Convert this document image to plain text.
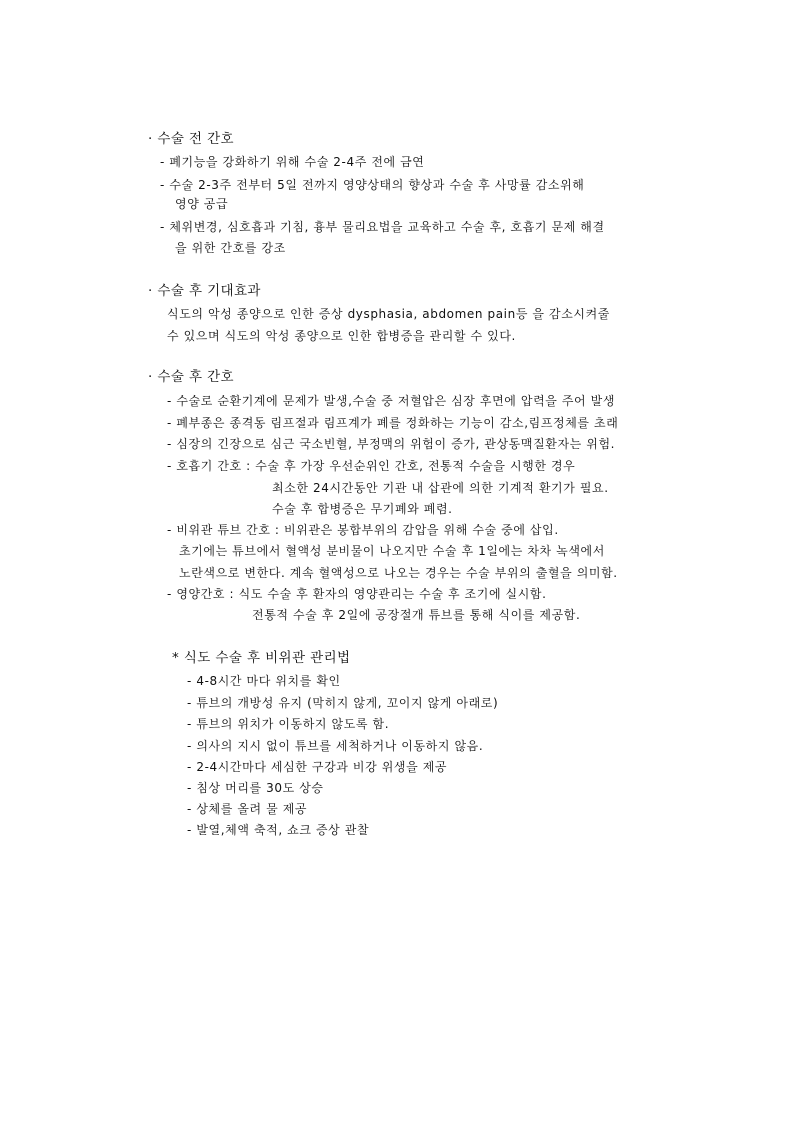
· 수술 전 간호
- 폐기능을 강화하기 위해 수술 2-4주 전에 금연
- 수술 2-3주 전부터 5일 전까지 영양상태의 향상과 수술 후 사망률 감소위해
영양 공급
- 체위변경, 심호흡과 기침, 흉부 물리요법을 교육하고 수술 후, 호흡기 문제 해결
을 위한 간호를 강조
· 수술 후 기대효과
식도의 악성 종양으로 인한 증상 dysphasia, abdomen pain등 을 감소시켜줄
수 있으며 식도의 악성 종양으로 인한 합병증을 관리할 수 있다.
· 수술 후 간호
- 수술로 순환기계에 문제가 발생,수술 중 저혈압은 심장 후면에 압력을 주어 발생
- 폐부종은 종격동 림프절과 림프계가 폐를 정화하는 기능이 감소,림프정체를 초래
- 심장의 긴장으로 심근 국소빈혈, 부정맥의 위험이 증가, 관상동맥질환자는 위험.
- 호흡기 간호 : 수술 후 가장 우선순위인 간호, 전통적 수술을 시행한 경우
최소한 24시간동안 기관 내 삽관에 의한 기계적 환기가 필요.
수술 후 합병증은 무기폐와 폐렴.
- 비위관 튜브 간호 : 비위관은 봉합부위의 감압을 위해 수술 중에 삽입.
초기에는 튜브에서 혈액성 분비물이 나오지만 수술 후 1일에는 차차 녹색에서
노란색으로 변한다. 계속 혈액성으로 나오는 경우는 수술 부위의 출혈을 의미함.
- 영양간호 : 식도 수술 후 환자의 영양관리는 수술 후 조기에 실시함.
전통적 수술 후 2일에 공장절개 튜브를 통해 식이를 제공함.
* 식도 수술 후 비위관 관리법
- 4-8시간 마다 위치를 확인
- 튜브의 개방성 유지 (막히지 않게, 꼬이지 않게 아래로)
- 튜브의 위치가 이동하지 않도록 함.
- 의사의 지시 없이 튜브를 세척하거나 이동하지 않음.
- 2-4시간마다 세심한 구강과 비강 위생을 제공
- 침상 머리를 30도 상승
- 상체를 올려 물 제공
- 발열,체액 축적, 쇼크 증상 관찰
